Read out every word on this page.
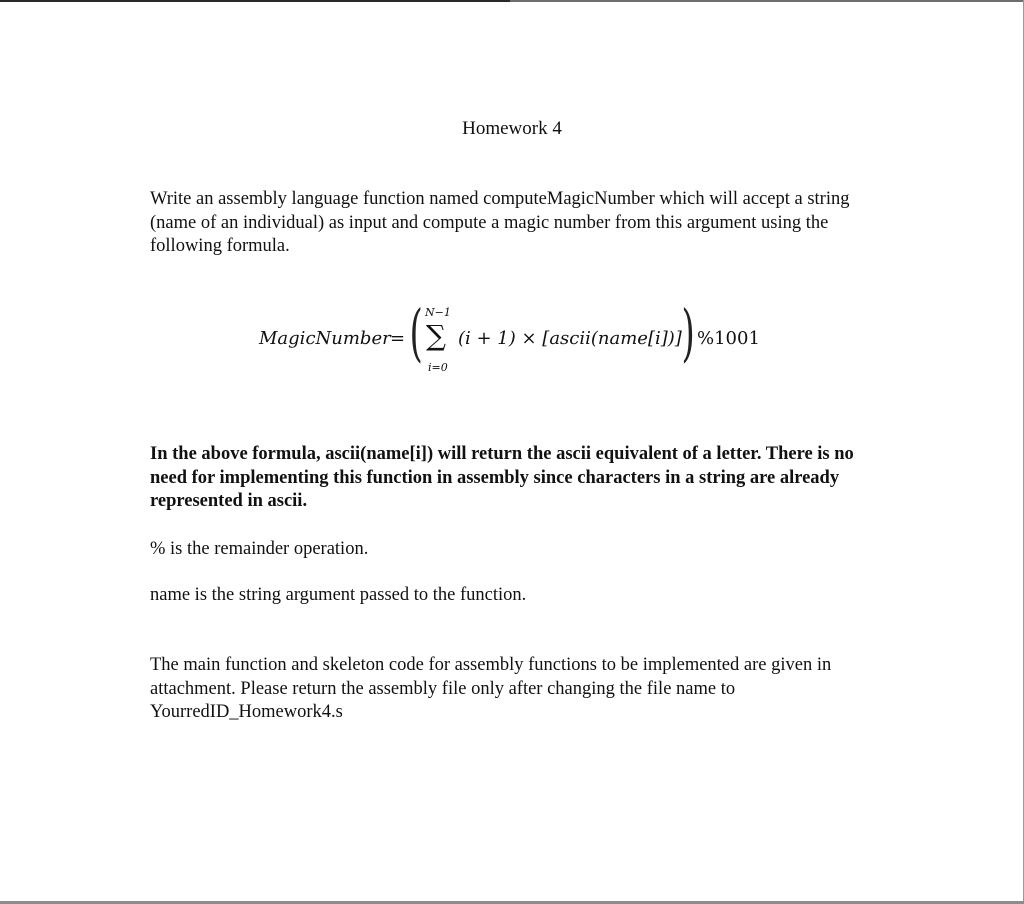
Homework 4
Write an assembly language function named computeMagicNumber which will accept a string (name of an individual) as input and compute a magic number from this argument using the following formula.
MagicNumber = ( N−1
∑
i=0
(i + 1) × [ascii(name[i])] ) %1001
In the above formula, ascii(name[i]) will return the ascii equivalent of a letter. There is no need for implementing this function in assembly since characters in a string are already represented in ascii.
% is the remainder operation.
name is the string argument passed to the function.
The main function and skeleton code for assembly functions to be implemented are given in attachment. Please return the assembly file only after changing the file name to YourredID_Homework4.s
